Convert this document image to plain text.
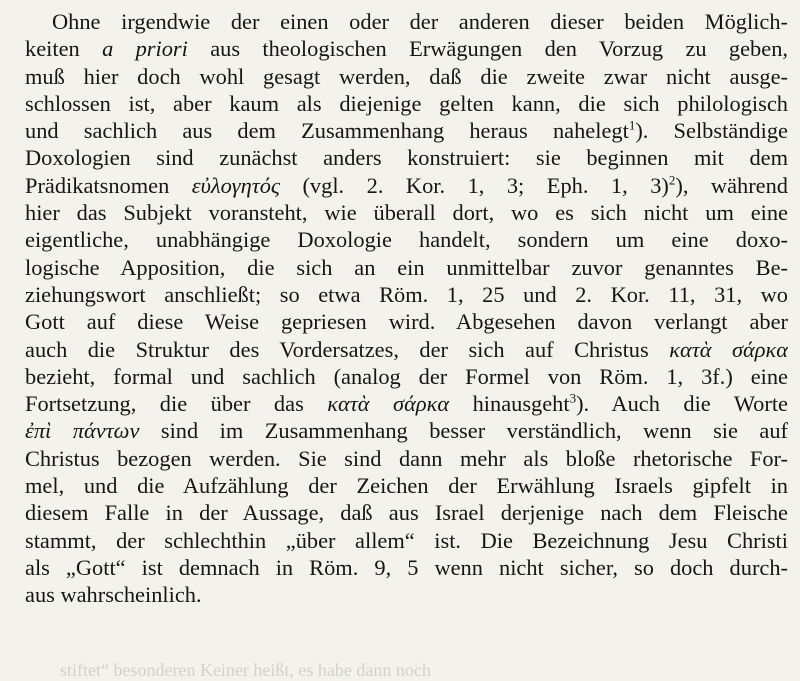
Ohne irgendwie der einen oder der anderen dieser beiden Möglich-
keiten a priori aus theologischen Erwägungen den Vorzug zu geben,
muß hier doch wohl gesagt werden, daß die zweite zwar nicht ausge-
schlossen ist, aber kaum als diejenige gelten kann, die sich philologisch
und sachlich aus dem Zusammenhang heraus nahelegt$^1$). Selbständige
Doxologien sind zunächst anders konstruiert: sie beginnen mit dem
Prädikatsnomen εὐλογητός (vgl. 2. Kor. 1, 3; Eph. 1, 3)$^2$), während
hier das Subjekt voransteht, wie überall dort, wo es sich nicht um eine
eigentliche, unabhängige Doxologie handelt, sondern um eine doxo-
logische Apposition, die sich an ein unmittelbar zuvor genanntes Be-
ziehungswort anschließt; so etwa Röm. 1, 25 und 2. Kor. 11, 31, wo
Gott auf diese Weise gepriesen wird. Abgesehen davon verlangt aber
auch die Struktur des Vordersatzes, der sich auf Christus κατὰ σάρκα
bezieht, formal und sachlich (analog der Formel von Röm. 1, 3f.) eine
Fortsetzung, die über das κατὰ σάρκα hinausgeht$^3$). Auch die Worte
ἐπὶ πάντων sind im Zusammenhang besser verständlich, wenn sie auf
Christus bezogen werden. Sie sind dann mehr als bloße rhetorische For-
mel, und die Aufzählung der Zeichen der Erwählung Israels gipfelt in
diesem Falle in der Aussage, daß aus Israel derjenige nach dem Fleische
stammt, der schlechthin „über allem“ ist. Die Bezeichnung Jesu Christi
als „Gott“ ist demnach in Röm. 9, 5 wenn nicht sicher, so doch durch-
aus wahrscheinlich.
stiftet“ besonderen Keiner heißt, es habe dann noch
